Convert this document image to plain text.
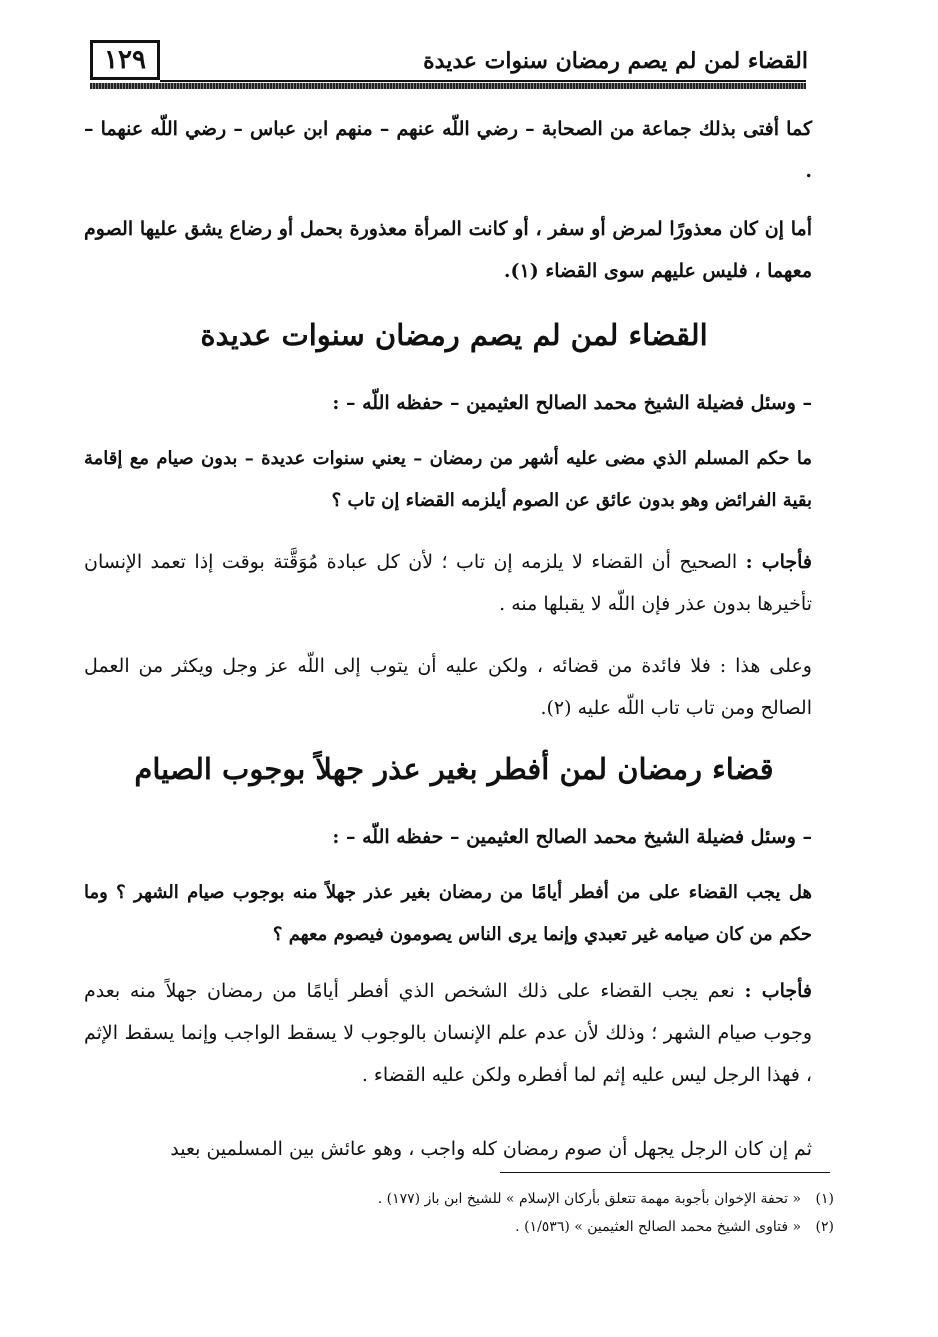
١٢٩	القضاء لمن لم يصم رمضان سنوات عديدة

كما أفتى بذلك جماعة من الصحابة – رضي اللّه عنهم – منهم ابن عباس – رضي اللّه عنهما – .

أما إن كان معذورًا لمرض أو سفر ، أو كانت المرأة معذورة بحمل أو رضاع يشق عليها الصوم معهما ، فليس عليهم سوى القضاء (١).

القضاء لمن لم يصم رمضان سنوات عديدة

– وسئل فضيلة الشيخ محمد الصالح العثيمين – حفظه اللّه – :

ما حكم المسلم الذي مضى عليه أشهر من رمضان – يعني سنوات عديدة – بدون صيام مع إقامة بقية الفرائض وهو بدون عائق عن الصوم أيلزمه القضاء إن تاب ؟

فأجاب : الصحيح أن القضاء لا يلزمه إن تاب ؛ لأن كل عبادة مُوَقَّتة بوقت إذا تعمد الإنسان تأخيرها بدون عذر فإن اللّه لا يقبلها منه .

وعلى هذا : فلا فائدة من قضائه ، ولكن عليه أن يتوب إلى اللّه عز وجل ويكثر من العمل الصالح ومن تاب تاب اللّه عليه (٢).

قضاء رمضان لمن أفطر بغير عذر جهلاً بوجوب الصيام

– وسئل فضيلة الشيخ محمد الصالح العثيمين – حفظه اللّه – :

هل يجب القضاء على من أفطر أيامًا من رمضان بغير عذر جهلاً منه بوجوب صيام الشهر ؟ وما حكم من كان صيامه غير تعبدي وإنما يرى الناس يصومون فيصوم معهم ؟

فأجاب : نعم يجب القضاء على ذلك الشخص الذي أفطر أيامًا من رمضان جهلاً منه بعدم وجوب صيام الشهر ؛ وذلك لأن عدم علم الإنسان بالوجوب لا يسقط الواجب وإنما يسقط الإثم ، فهذا الرجل ليس عليه إثم لما أفطره ولكن عليه القضاء .

ثم إن كان الرجل يجهل أن صوم رمضان كله واجب ، وهو عائش بين المسلمين بعيد

(١) « تحفة الإخوان بأجوبة مهمة تتعلق بأركان الإسلام » للشيخ ابن باز (١٧٧) .

(٢) « فتاوى الشيخ محمد الصالح العثيمين » (١/٥٣٦) .
